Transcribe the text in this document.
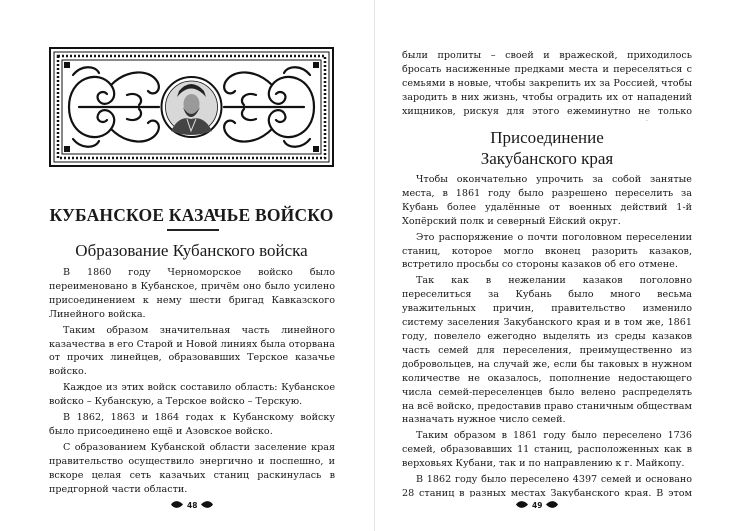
КУБАНСКОЕ КАЗАЧЬЕ ВОЙСКО
Образование Кубанского войска

В 1860 году Черноморское войско было переименовано в Кубанское, причём оно было усилено присоединением к нему шести бригад Кавказского Линейного войска.

Таким образом значительная часть линейного казачества в его Старой и Новой линиях была оторвана от прочих линейцев, образовавших Терское казачье войско.

Каждое из этих войск составило область: Кубанское войско – Кубанскую, а Терское войско – Терскую.

В 1862, 1863 и 1864 годах к Кубанскому войску было присоединено ещё и Азовское войско.

С образованием Кубанской области заселение края правительство осуществило энергично и поспешно, и вскоре целая сеть казачьих станиц раскинулась в предгорной части области.

48

были пролиты – своей и вражеской, приходилось бросать насиженные предками места и переселяться с семьями в новые, чтобы закрепить их за Россией, чтобы зародить в них жизнь, чтобы оградить их от нападений хищников, рискуя для этого ежеминутно не только

Присоединение
Закубанского края

Чтобы окончательно упрочить за собой занятые места, в 1861 году было разрешено переселить за Кубань более удалённые от военных действий 1-й Хопёрский полк и северный Ейский округ.

Это распоряжение о почти поголовном переселении станиц, которое могло вконец разорить казаков, встретило просьбы со стороны казаков об его отмене.

Так как в нежелании казаков поголовно переселиться за Кубань было много весьма уважительных причин, правительство изменило систему заселения Закубанского края и в том же, 1861 году, повелело ежегодно выделять из среды казаков часть семей для переселения, преимущественно из добровольцев, на случай же, если бы таковых в нужном количестве не оказалось, пополнение недостающего числа семей-переселенцев было велено распределять на всё войско, предоставив право станичным обществам назначать нужное число семей.

Таким образом в 1861 году было переселено 1736 семей, образовавших 11 станиц, расположенных как в верховьях Кубани, так и по направлению к г. Майкопу.

В 1862 году было переселено 4397 семей и основано 28 станиц в разных местах Закубанского края. В этом

49
